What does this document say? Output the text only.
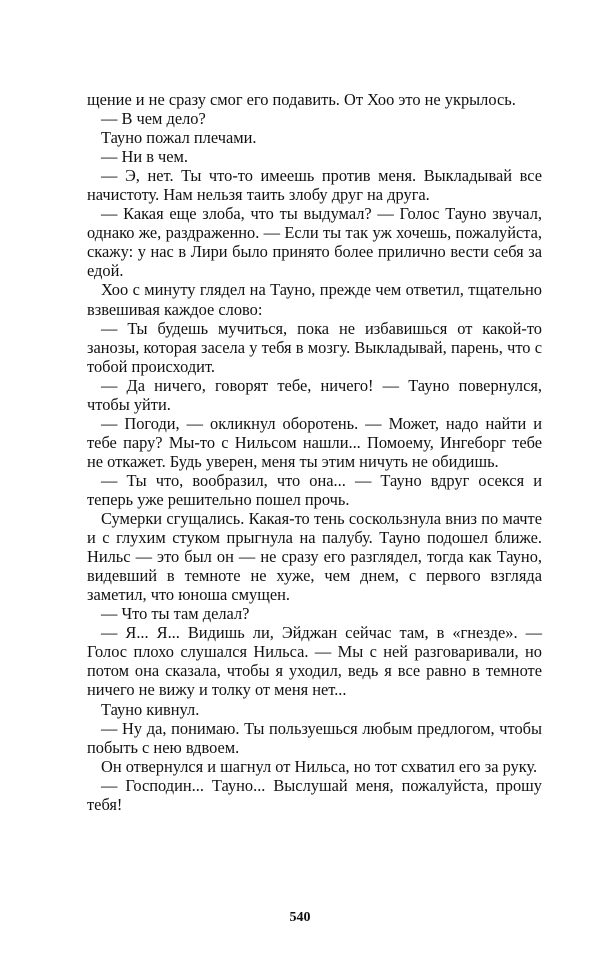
щение и не сразу смог его подавить. От Хоо это не укрылось.

— В чем дело?

Тауно пожал плечами.

— Ни в чем.

— Э, нет. Ты что-то имеешь против меня. Выкладывай все начистоту. Нам нельзя таить злобу друг на друга.

— Какая еще злоба, что ты выдумал? — Голос Тауно звучал, однако же, раздраженно. — Если ты так уж хочешь, пожалуйста, скажу: у нас в Лири было принято более прилично вести себя за едой.

Хоо с минуту глядел на Тауно, прежде чем ответил, тщательно взвешивая каждое слово:

— Ты будешь мучиться, пока не избавишься от какой-то занозы, которая засела у тебя в мозгу. Выкладывай, парень, что с тобой происходит.

— Да ничего, говорят тебе, ничего! — Тауно повернулся, чтобы уйти.

— Погоди, — окликнул оборотень. — Может, надо найти и тебе пару? Мы-то с Нильсом нашли... Помоему, Ингеборг тебе не откажет. Будь уверен, меня ты этим ничуть не обидишь.

— Ты что, вообразил, что она... — Тауно вдруг осекся и теперь уже решительно пошел прочь.

Сумерки сгущались. Какая-то тень соскользнула вниз по мачте и с глухим стуком прыгнула на палубу. Тауно подошел ближе. Нильс — это был он — не сразу его разглядел, тогда как Тауно, видевший в темноте не хуже, чем днем, с первого взгляда заметил, что юноша смущен.

— Что ты там делал?

— Я... Я... Видишь ли, Эйджан сейчас там, в «гнезде». — Голос плохо слушался Нильса. — Мы с ней разговаривали, но потом она сказала, чтобы я уходил, ведь я все равно в темноте ничего не вижу и толку от меня нет...

Тауно кивнул.

— Ну да, понимаю. Ты пользуешься любым предлогом, чтобы побыть с нею вдвоем.

Он отвернулся и шагнул от Нильса, но тот схватил его за руку.

— Господин... Тауно... Выслушай меня, пожалуйста, прошу тебя!

540
